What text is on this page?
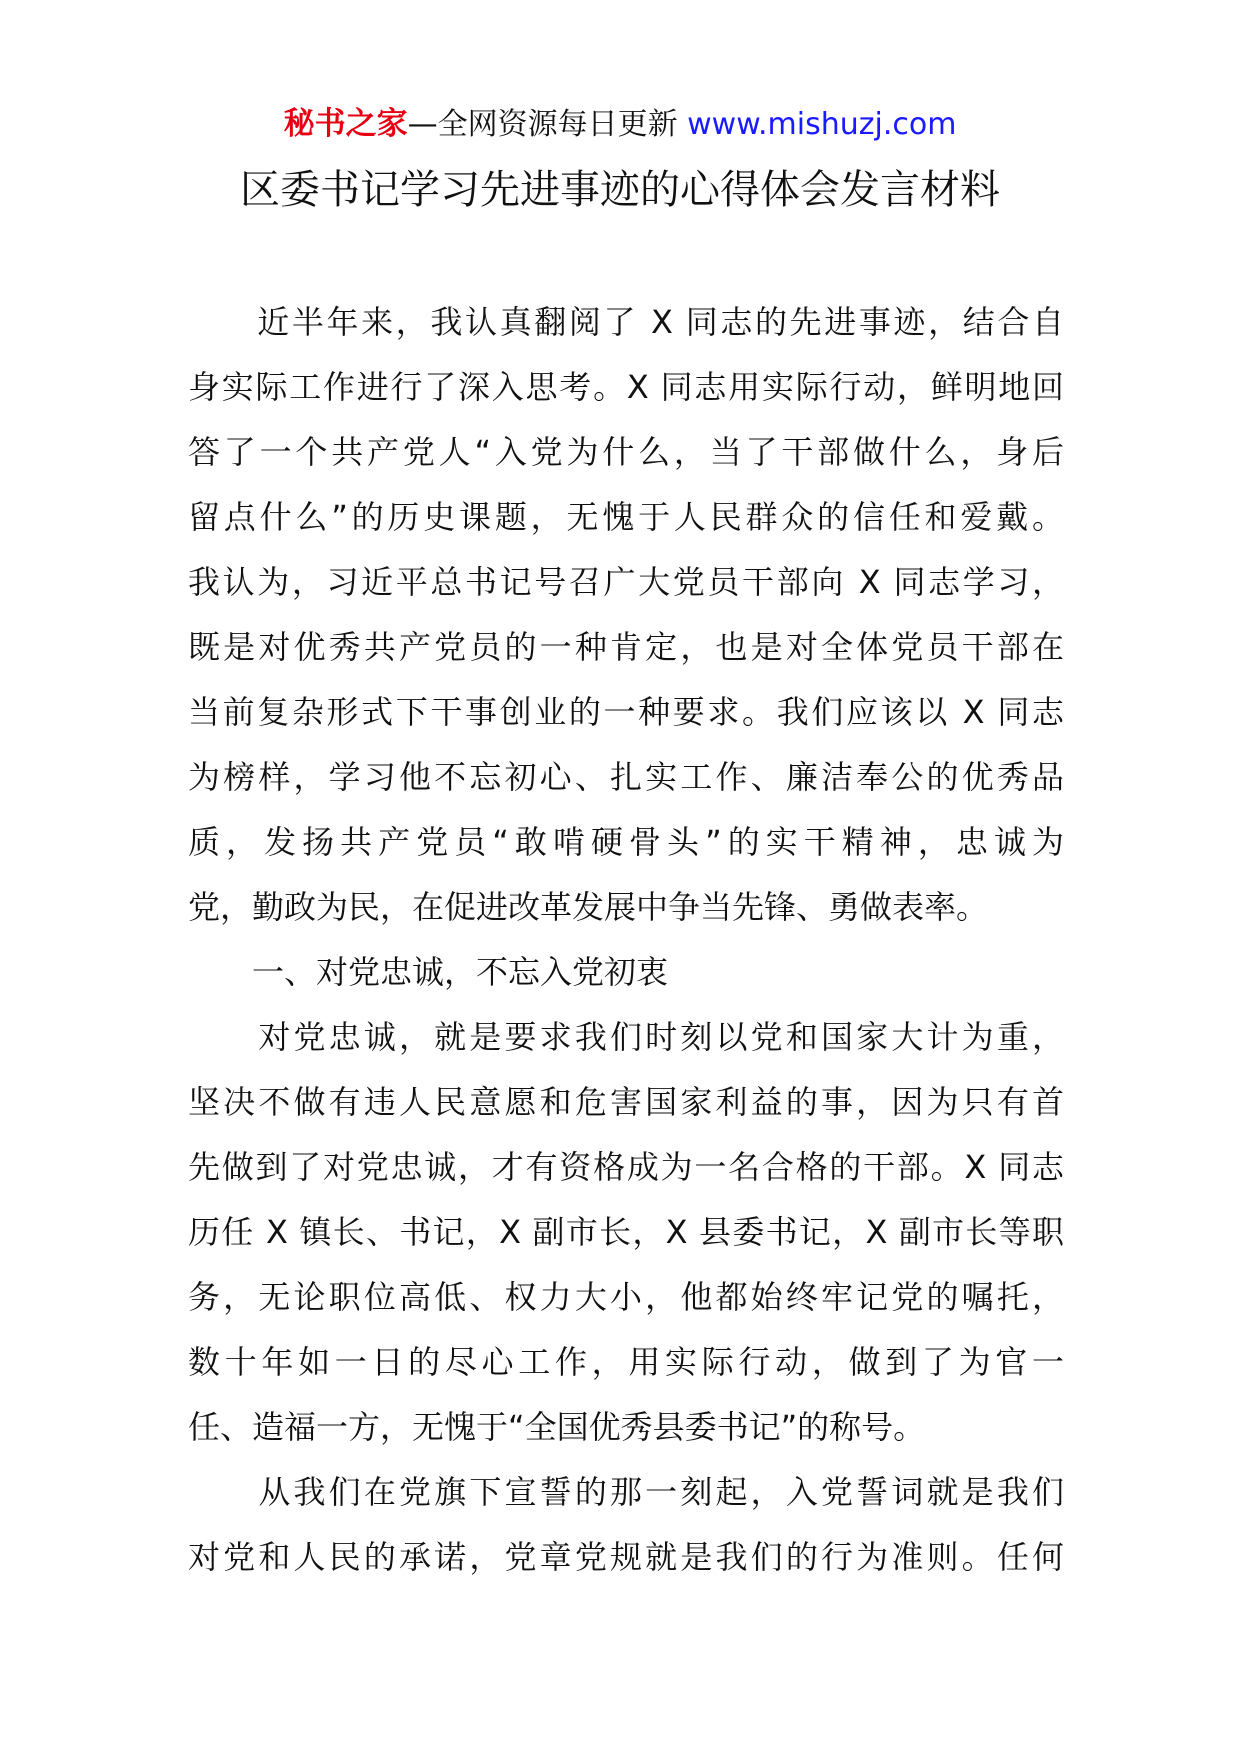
秘书之家—全网资源每日更新 www.mishuzj.com
区委书记学习先进事迹的心得体会发言材料
　　近半年来，我认真翻阅了 X 同志的先进事迹，结合自
身实际工作进行了深入思考。X 同志用实际行动，鲜明地回
答了一个共产党人“入党为什么，当了干部做什么，身后
留点什么”的历史课题，无愧于人民群众的信任和爱戴。
我认为，习近平总书记号召广大党员干部向 X 同志学习，
既是对优秀共产党员的一种肯定，也是对全体党员干部在
当前复杂形式下干事创业的一种要求。我们应该以 X 同志
为榜样，学习他不忘初心、扎实工作、廉洁奉公的优秀品
质，发扬共产党员“敢啃硬骨头”的实干精神，忠诚为
党，勤政为民，在促进改革发展中争当先锋、勇做表率。
　　一、对党忠诚，不忘入党初衷
　　对党忠诚，就是要求我们时刻以党和国家大计为重，
坚决不做有违人民意愿和危害国家利益的事，因为只有首
先做到了对党忠诚，才有资格成为一名合格的干部。X 同志
历任 X 镇长、书记，X 副市长，X 县委书记，X 副市长等职
务，无论职位高低、权力大小，他都始终牢记党的嘱托，
数十年如一日的尽心工作，用实际行动，做到了为官一
任、造福一方，无愧于“全国优秀县委书记”的称号。
　　从我们在党旗下宣誓的那一刻起，入党誓词就是我们
对党和人民的承诺，党章党规就是我们的行为准则。任何
